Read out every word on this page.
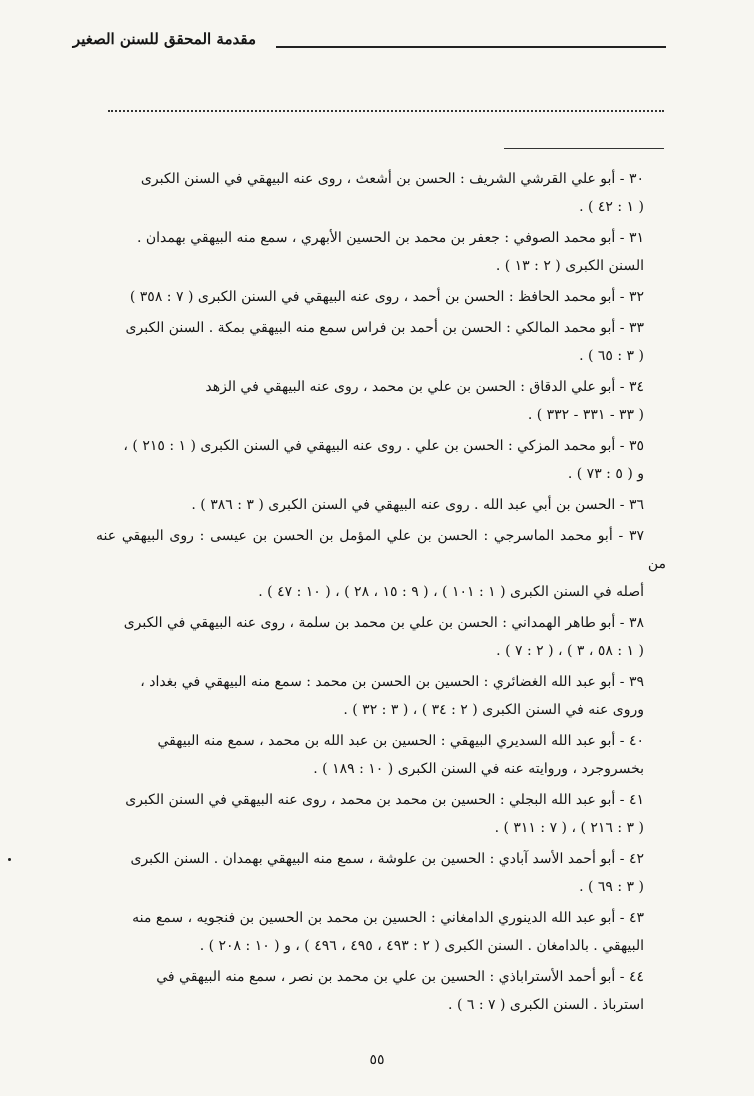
مقدمة المحقق للسنن الصغير
٣٠ - أبو علي القرشي الشريف : الحسن بن أشعث ، روى عنه البيهقي في السنن الكبرى
( ١ : ٤٢ ) .
٣١ - أبو محمد الصوفي : جعفر بن محمد بن الحسين الأبهري ، سمع منه البيهقي بهمدان .
السنن الكبرى ( ٢ : ١٣ ) .
٣٢ - أبو محمد الحافظ : الحسن بن أحمد ، روى عنه البيهقي في السنن الكبرى ( ٧ : ٣٥٨ )
٣٣ - أبو محمد المالكي : الحسن بن أحمد بن فراس سمع منه البيهقي بمكة . السنن الكبرى
( ٣ : ٦٥ ) .
٣٤ - أبو علي الدقاق : الحسن بن علي بن محمد ، روى عنه البيهقي في الزهد
( ٣٣ - ٣٣١ - ٣٣٢ ) .
٣٥ - أبو محمد المزكي : الحسن بن علي . روى عنه البيهقي في السنن الكبرى ( ١ : ٢١٥ ) ،
و ( ٥ : ٧٣ ) .
٣٦ - الحسن بن أبي عبد الله . روى عنه البيهقي في السنن الكبرى ( ٣ : ٣٨٦ ) .
٣٧ - أبو محمد الماسرجي : الحسن بن علي المؤمل بن الحسن بن عيسى : روى البيهقي عنه من
أصله في السنن الكبرى ( ١ : ١٠١ ) ، ( ٩ : ١٥ ، ٢٨ ) ، ( ١٠ : ٤٧ ) .
٣٨ - أبو طاهر الهمداني : الحسن بن علي بن محمد بن سلمة ، روى عنه البيهقي في الكبرى
( ١ : ٥٨ ، ٣ ) ، ( ٢ : ٧ ) .
٣٩ - أبو عبد الله الغضائري : الحسين بن الحسن بن محمد : سمع منه البيهقي في بغداد ،
وروى عنه في السنن الكبرى ( ٢ : ٣٤ ) ، ( ٣ : ٣٢ ) .
٤٠ - أبو عبد الله السديري البيهقي : الحسين بن عبد الله بن محمد ، سمع منه البيهقي
بخسروجرد ، وروايته عنه في السنن الكبرى ( ١٠ : ١٨٩ ) .
٤١ - أبو عبد الله البجلي : الحسين بن محمد بن محمد ، روى عنه البيهقي في السنن الكبرى
( ٣ : ٢١٦ ) ، ( ٧ : ٣١١ ) .
٤٢ - أبو أحمد الأسد آبادي : الحسين بن علوشة ، سمع منه البيهقي بهمدان . السنن الكبرى
( ٣ : ٦٩ ) .
٤٣ - أبو عبد الله الدينوري الدامغاني : الحسين بن محمد بن الحسين بن فنجويه ، سمع منه
البيهقي . بالدامغان . السنن الكبرى ( ٢ : ٤٩٣ ، ٤٩٥ ، ٤٩٦ ) ، و ( ١٠ : ٢٠٨ ) .
٤٤ - أبو أحمد الأستراباذي : الحسين بن علي بن محمد بن نصر ، سمع منه البيهقي في
استرباذ . السنن الكبرى ( ٧ : ٦ ) .
٥٥
